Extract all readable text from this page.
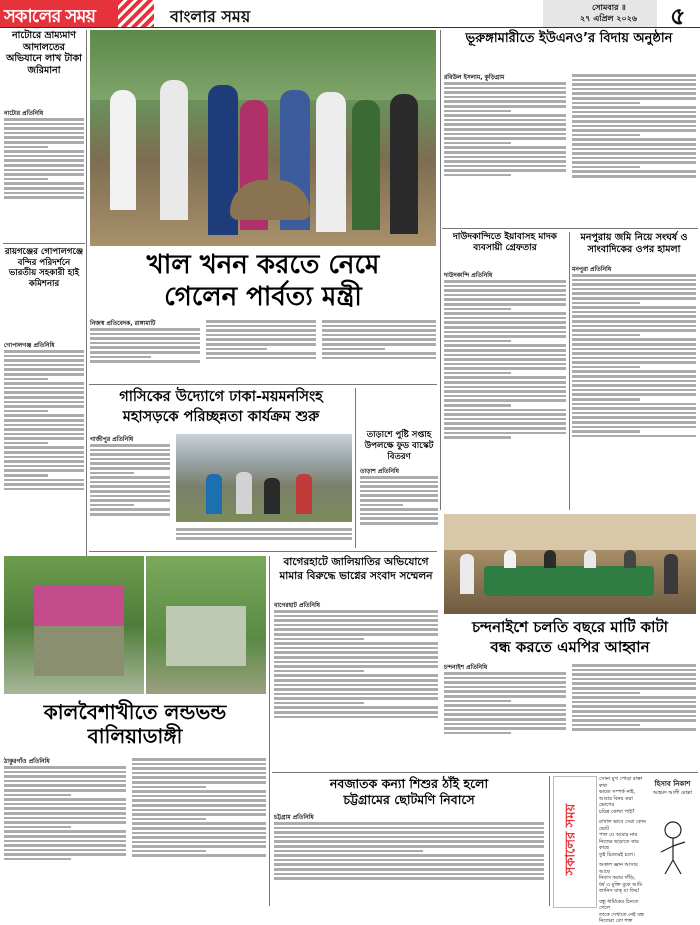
সকালের সময়	বাংলার সময়	সোমবার ॥
২৭ এপ্রিল ২০২৬ ৫
নাটোরে ভ্রাম্যমাণ আদালতের অভিযানে লাখ টাকা জরিমানা
নাটোর প্রতিনিধি
রায়গঞ্জের গোপালগঞ্জে বন্দির পরিদর্শনে ভারতীয় সহকারী হাই কমিশনার
গোপালগঞ্জ প্রতিনিধি
খাল খনন করতে নেমে
গেলেন পার্বত্য মন্ত্রী
নিজস্ব প্রতিবেদক, রাঙ্গামাটি
গাসিকের উদ্যোগে ঢাকা-ময়মনসিংহ
মহাসড়কে পরিচ্ছন্নতা কার্যক্রম শুরু
গাজীপুর প্রতিনিধি	তাড়াশে পুষ্টি সপ্তাহ উপলক্ষে ফুড বাস্কেট বিতরণ
তাড়াশ প্রতিনিধি
ভূরুঙ্গামারীতে ইউএনও’র বিদায় অনুষ্ঠান
রবিউল ইসলাম, কুড়িগ্রাম
দাউদকান্দিতে ইয়াবাসহ মাদক ব্যবসায়ী গ্রেফতার
দাউদকান্দি প্রতিনিধি
মনপুরায় জমি নিয়ে সংঘর্ষ ও সাংবাদিকের ওপর হামলা
মনপুরা প্রতিনিধি
চন্দনাইশে চলতি বছরে মাটি কাটা
বন্ধ করতে এমপির আহ্বান
চন্দনাইশ প্রতিনিধি
কালবৈশাখীতে লন্ডভন্ড
বালিয়াডাঙ্গী
ঠাকুরগাঁও প্রতিনিধি
বাগেরহাটে জালিয়াতির অভিযোগে মামার বিরুদ্ধে ভাগ্নের সংবাদ সম্মেলন
বাগেরহাট প্রতিনিধি
নবজাতক কন্যা শিশুর ঠাঁই হলো
চট্টগ্রামের ছোটমণি নিবাসে
চট্টগ্রাম প্রতিনিধি	সকালের সময়
সোনা মুখ পোড়া রাস্তা কথা
ভারত সম্পর্ক নাই,
আবার বিনয় করা ভোগের
চরিত্র কোথা পাই?
রাখাল ভাবে সেরা কোন ভোট
পাল যে আমার নাম
নিজের ছাড়াতে কার কাছে
তুই চিরতরই চলে।
অকাল জ্ঞান আসার আছে
নিবাস করার দাঁড়ি,
ধর্ষ এ মুক্তি বুকে আমি
জানিস যাক্ যা ফির!
বন্ধু ধার্মিকের চিনতে গেলে
তাকে দেখাতে নেই বন্ধ
নিজেরা তো শক্ত
হিসাব নিকাশ
আহমদ আলী মোল্লা
